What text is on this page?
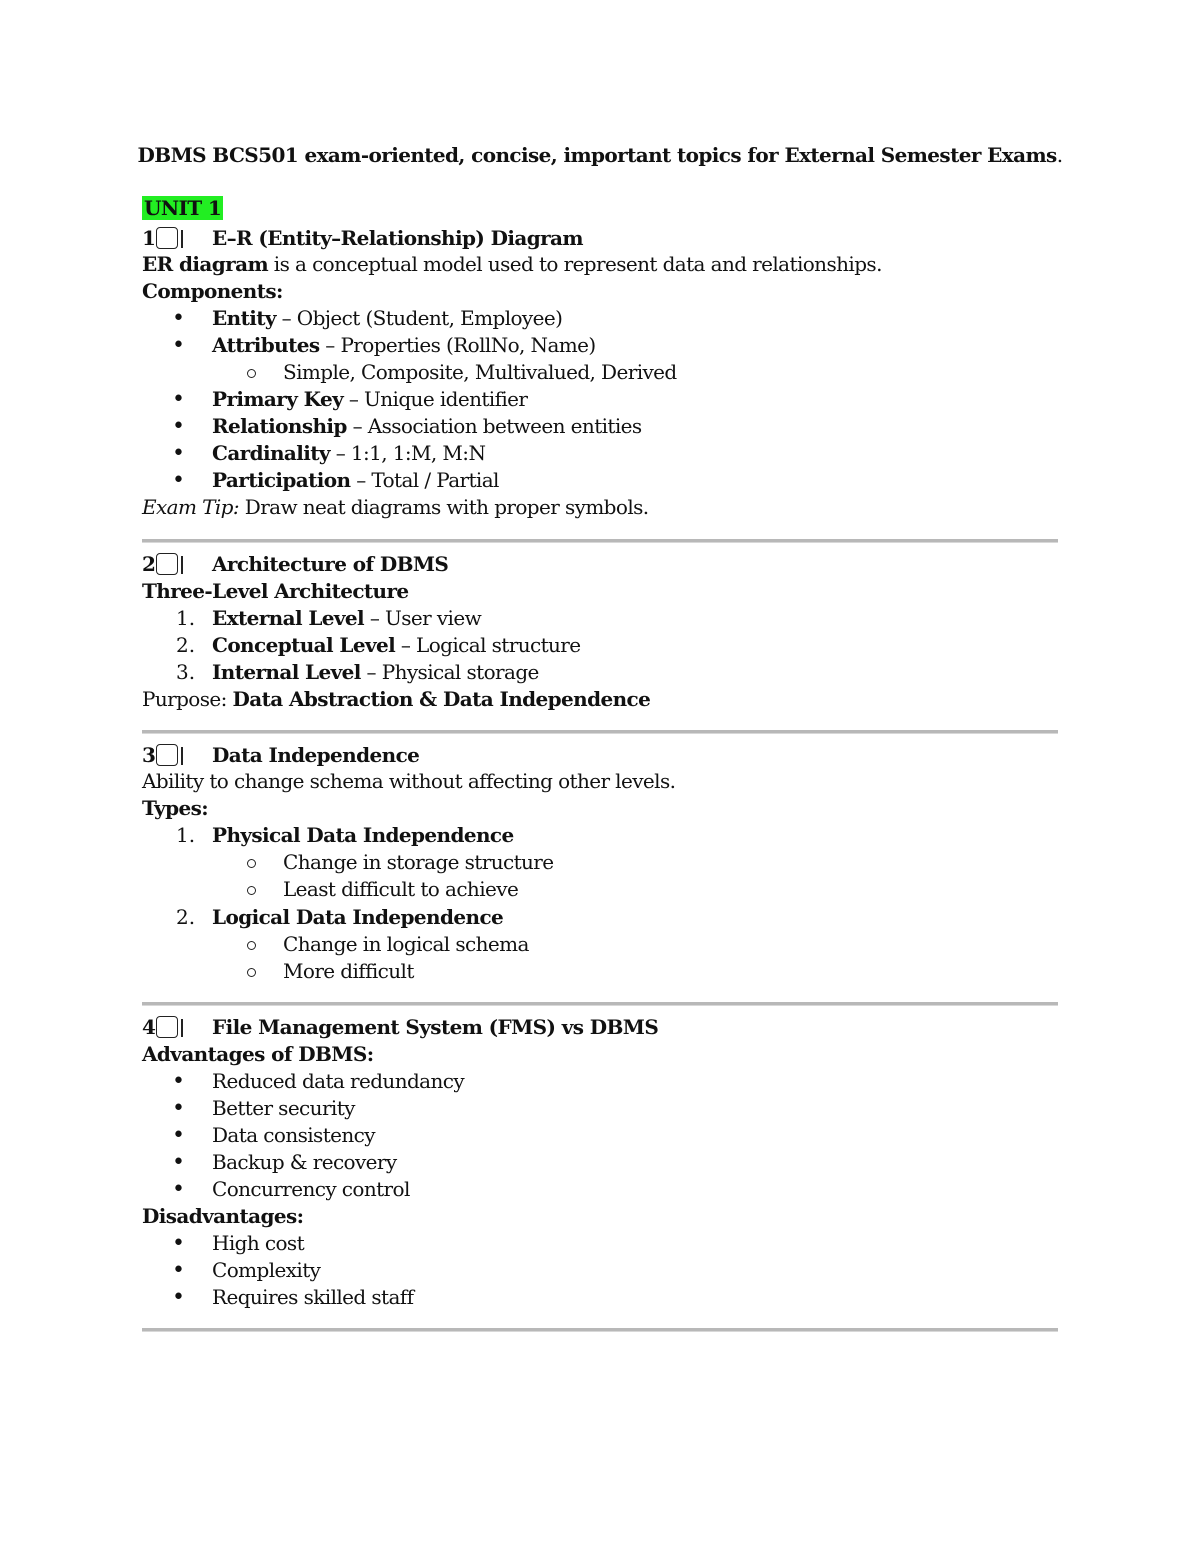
DBMS BCS501 exam-oriented, concise, important topics for External Semester Exams.
UNIT 1
1	E–R (Entity–Relationship) Diagram
ER diagram is a conceptual model used to represent data and relationships.
Components:
• Entity – Object (Student, Employee)
• Attributes – Properties (RollNo, Name)
Simple, Composite, Multivalued, Derived
• Primary Key – Unique identifier
• Relationship – Association between entities
• Cardinality – 1:1, 1:M, M:N
• Participation – Total / Partial
Exam Tip: Draw neat diagrams with proper symbols.
2	Architecture of DBMS
Three-Level Architecture
1. External Level – User view
2. Conceptual Level – Logical structure
3. Internal Level – Physical storage
Purpose: Data Abstraction & Data Independence
3	Data Independence
Ability to change schema without affecting other levels.
Types:
1. Physical Data Independence
Change in storage structure
Least difficult to achieve
2. Logical Data Independence
Change in logical schema
More difficult
4	File Management System (FMS) vs DBMS
Advantages of DBMS:
• Reduced data redundancy
• Better security
• Data consistency
• Backup & recovery
• Concurrency control
Disadvantages:
• High cost
• Complexity
• Requires skilled staff
